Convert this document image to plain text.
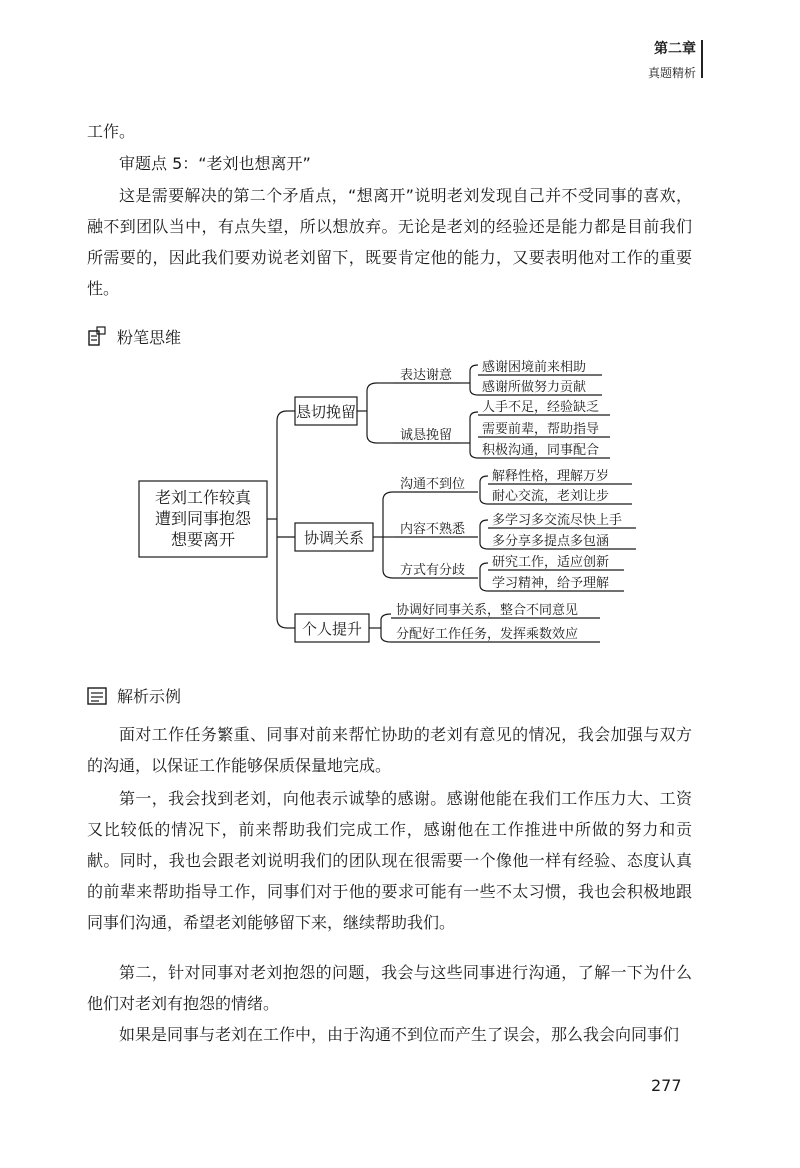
第二章
真题精析

工作。

审题点 5：“老刘也想离开”

这是需要解决的第二个矛盾点，“想离开”说明老刘发现自己并不受同事的喜欢，融不到团队当中，有点失望，所以想放弃。无论是老刘的经验还是能力都是目前我们所需要的，因此我们要劝说老刘留下，既要肯定他的能力，又要表明他对工作的重要性。

粉笔思维
老刘工作较真
遭到同事抱怨
想要离开
恳切挽留
协调关系
个人提升
表达谢意
诚恳挽留
沟通不到位
内容不熟悉
方式有分歧
感谢困境前来相助
感谢所做努力贡献
人手不足，经验缺乏
需要前辈，帮助指导
积极沟通，同事配合
解释性格，理解万岁
耐心交流，老刘让步
多学习多交流尽快上手
多分享多提点多包涵
研究工作，适应创新
学习精神，给予理解
协调好同事关系，整合不同意见
分配好工作任务，发挥乘数效应
解析示例

面对工作任务繁重、同事对前来帮忙协助的老刘有意见的情况，我会加强与双方的沟通，以保证工作能够保质保量地完成。

第一，我会找到老刘，向他表示诚挚的感谢。感谢他能在我们工作压力大、工资又比较低的情况下，前来帮助我们完成工作，感谢他在工作推进中所做的努力和贡献。同时，我也会跟老刘说明我们的团队现在很需要一个像他一样有经验、态度认真的前辈来帮助指导工作，同事们对于他的要求可能有一些不太习惯，我也会积极地跟同事们沟通，希望老刘能够留下来，继续帮助我们。

第二，针对同事对老刘抱怨的问题，我会与这些同事进行沟通，了解一下为什么他们对老刘有抱怨的情绪。

如果是同事与老刘在工作中，由于沟通不到位而产生了误会，那么我会向同事们

277
